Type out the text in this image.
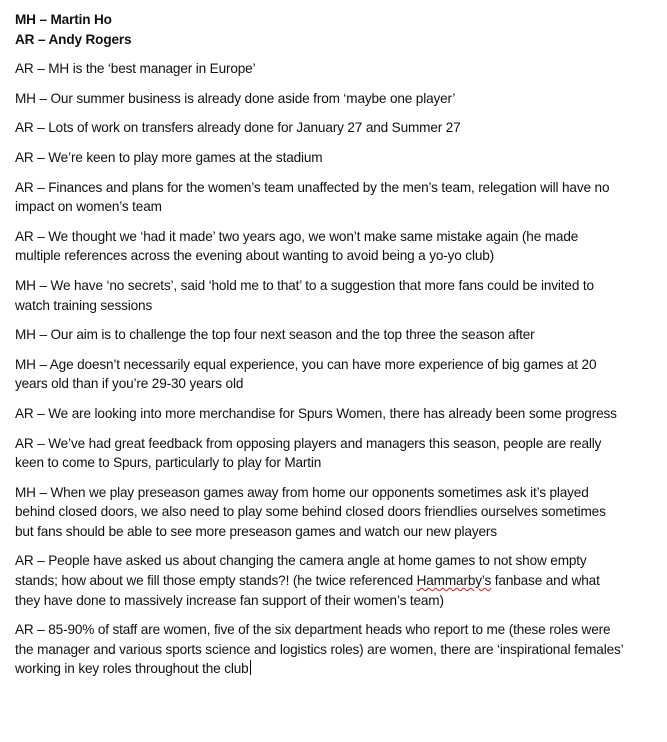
MH – Martin Ho

AR – Andy Rogers

AR – MH is the ‘best manager in Europe’

MH – Our summer business is already done aside from ‘maybe one player’

AR – Lots of work on transfers already done for January 27 and Summer 27

AR – We’re keen to play more games at the stadium

AR – Finances and plans for the women’s team unaffected by the men’s team, relegation will have no impact on women’s team

AR – We thought we ‘had it made’ two years ago, we won’t make same mistake again (he made multiple references across the evening about wanting to avoid being a yo-yo club)

MH – We have ‘no secrets’, said ‘hold me to that’ to a suggestion that more fans could be invited to watch training sessions

MH – Our aim is to challenge the top four next season and the top three the season after

MH – Age doesn’t necessarily equal experience, you can have more experience of big games at 20 years old than if you’re 29-30 years old

AR – We are looking into more merchandise for Spurs Women, there has already been some progress

AR – We’ve had great feedback from opposing players and managers this season, people are really keen to come to Spurs, particularly to play for Martin

MH – When we play preseason games away from home our opponents sometimes ask it’s played behind closed doors, we also need to play some behind closed doors friendlies ourselves sometimes but fans should be able to see more preseason games and watch our new players

AR – People have asked us about changing the camera angle at home games to not show empty stands; how about we fill those empty stands?! (he twice referenced Hammarby’s fanbase and what they have done to massively increase fan support of their women’s team)

AR – 85-90% of staff are women, five of the six department heads who report to me (these roles were the manager and various sports science and logistics roles) are women, there are ‘inspirational females’ working in key roles throughout the club
